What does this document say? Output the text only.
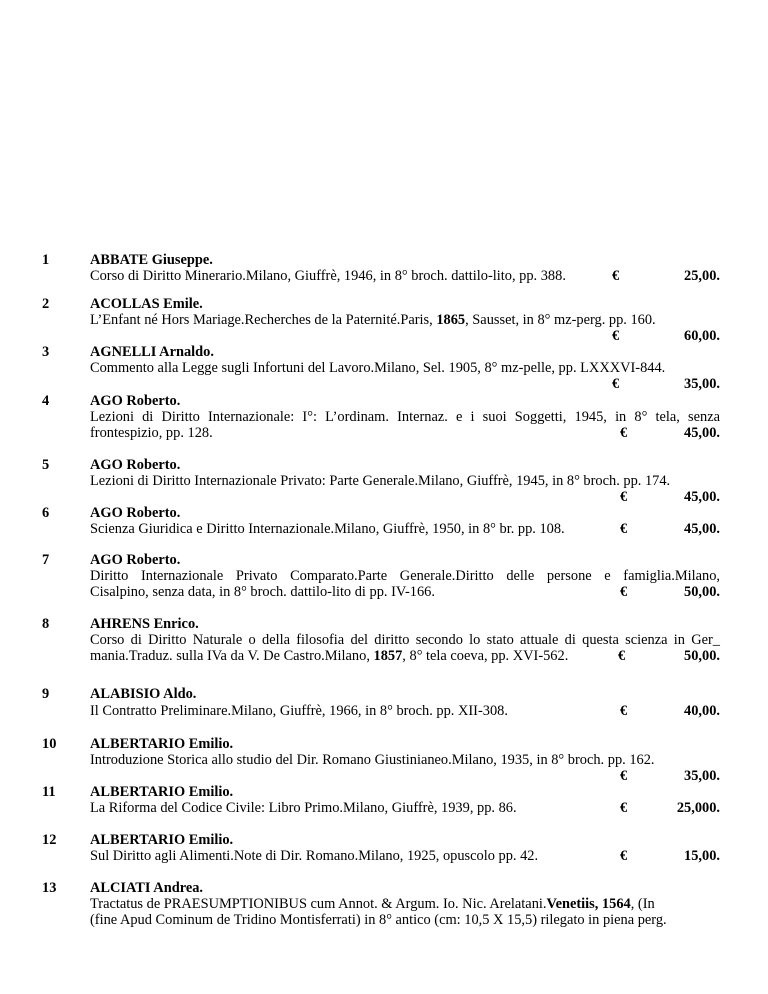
1	ABBATE Giuseppe.
Corso di Diritto Minerario.Milano, Giuffrè, 1946, in 8° broch. dattilo-lito, pp. 388.	€	25,00.
2	ACOLLAS Emile.
L’Enfant né Hors Mariage.Recherches de la Paternité.Paris, 1865, Sausset, in 8° mz-perg. pp. 160.
€	60,00.
3	AGNELLI Arnaldo.
Commento alla Legge sugli Infortuni del Lavoro.Milano, Sel. 1905, 8° mz-pelle, pp. LXXXVI-844.
€	35,00.
4	AGO Roberto.
Lezioni di Diritto Internazionale: I°: L’ordinam. Internaz. e i suoi Soggetti, 1945, in 8° tela, senza
frontespizio, pp. 128.	€	45,00.
5	AGO Roberto.
Lezioni di Diritto Internazionale Privato: Parte Generale.Milano, Giuffrè, 1945, in 8° broch. pp. 174.
€	45,00.
6	AGO Roberto.
Scienza Giuridica e Diritto Internazionale.Milano, Giuffrè, 1950, in 8° br. pp. 108.	€	45,00.
7	AGO Roberto.
Diritto Internazionale Privato Comparato.Parte Generale.Diritto delle persone e famiglia.Milano,
Cisalpino, senza data, in 8° broch. dattilo-lito di pp. IV-166.	€	50,00.
8	AHRENS Enrico.
Corso di Diritto Naturale o della filosofia del diritto secondo lo stato attuale di questa scienza in Ger_
mania.Traduz. sulla IVa da V. De Castro.Milano, 1857, 8° tela coeva, pp. XVI-562.	€	50,00.
9	ALABISIO Aldo.
Il Contratto Preliminare.Milano, Giuffrè, 1966, in 8° broch. pp. XII-308.	€	40,00.
10 ALBERTARIO Emilio.
Introduzione Storica allo studio del Dir. Romano Giustinianeo.Milano, 1935, in 8° broch. pp. 162.
€	35,00.
11 ALBERTARIO Emilio.
La Riforma del Codice Civile: Libro Primo.Milano, Giuffrè, 1939, pp. 86.	€	25,000.
12 ALBERTARIO Emilio.
Sul Diritto agli Alimenti.Note di Dir. Romano.Milano, 1925, opuscolo pp. 42.	€	15,00.
13 ALCIATI Andrea.
Tractatus de PRAESUMPTIONIBUS cum Annot. & Argum. Io. Nic. Arelatani.Venetiis, 1564, (In
(fine Apud Cominum de Tridino Montisferrati) in 8° antico (cm: 10,5 X 15,5) rilegato in piena perg.
